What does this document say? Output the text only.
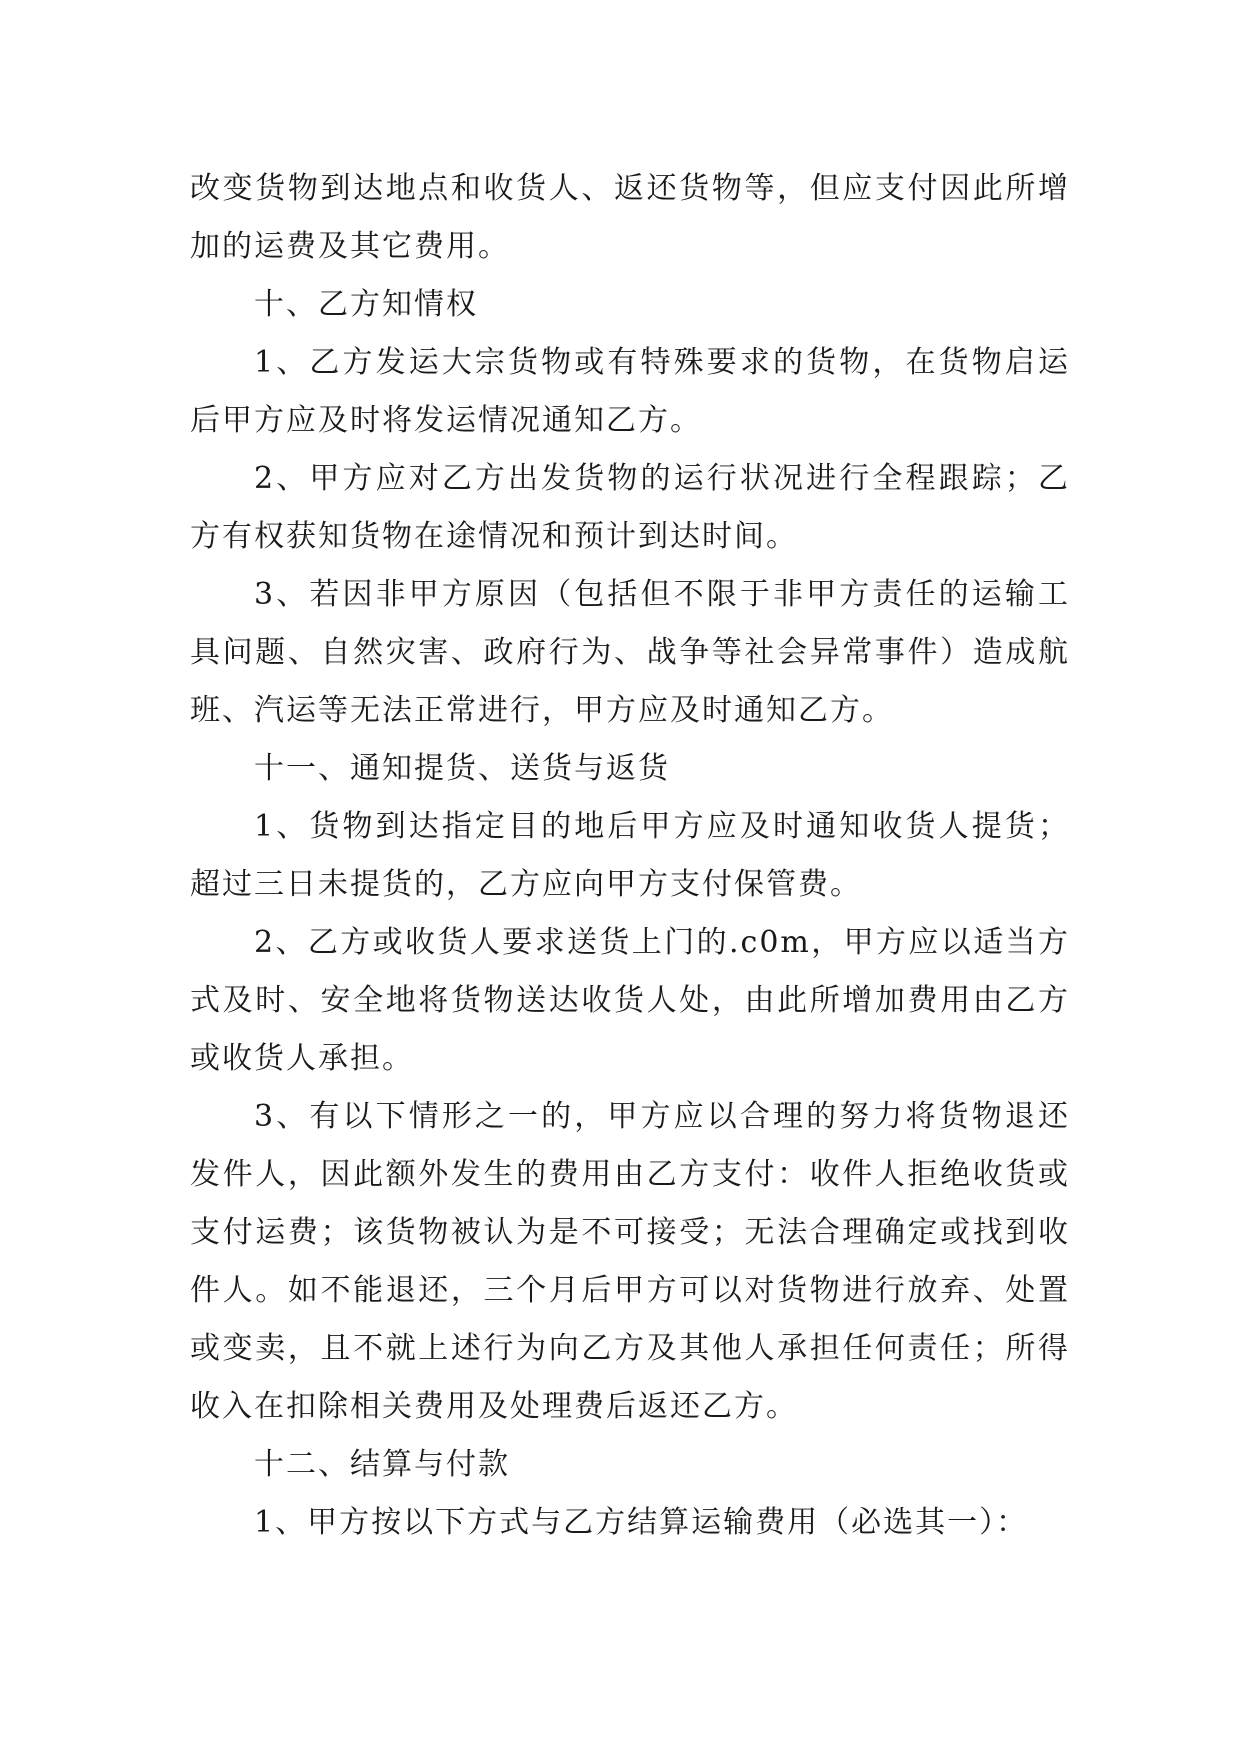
改变货物到达地点和收货人、返还货物等，但应支付因此所增加的运费及其它费用。

十、乙方知情权

1、乙方发运大宗货物或有特殊要求的货物，在货物启运后甲方应及时将发运情况通知乙方。

2、甲方应对乙方出发货物的运行状况进行全程跟踪；乙方有权获知货物在途情况和预计到达时间。

3、若因非甲方原因（包括但不限于非甲方责任的运输工具问题、自然灾害、政府行为、战争等社会异常事件）造成航班、汽运等无法正常进行，甲方应及时通知乙方。

十一、通知提货、送货与返货

1、货物到达指定目的地后甲方应及时通知收货人提货；超过三日未提货的，乙方应向甲方支付保管费。

2、乙方或收货人要求送货上门的.c0m，甲方应以适当方式及时、安全地将货物送达收货人处，由此所增加费用由乙方或收货人承担。

3、有以下情形之一的，甲方应以合理的努力将货物退还发件人，因此额外发生的费用由乙方支付：收件人拒绝收货或支付运费；该货物被认为是不可接受；无法合理确定或找到收件人。如不能退还，三个月后甲方可以对货物进行放弃、处置或变卖，且不就上述行为向乙方及其他人承担任何责任；所得收入在扣除相关费用及处理费后返还乙方。

十二、结算与付款

1、甲方按以下方式与乙方结算运输费用（必选其一）：
